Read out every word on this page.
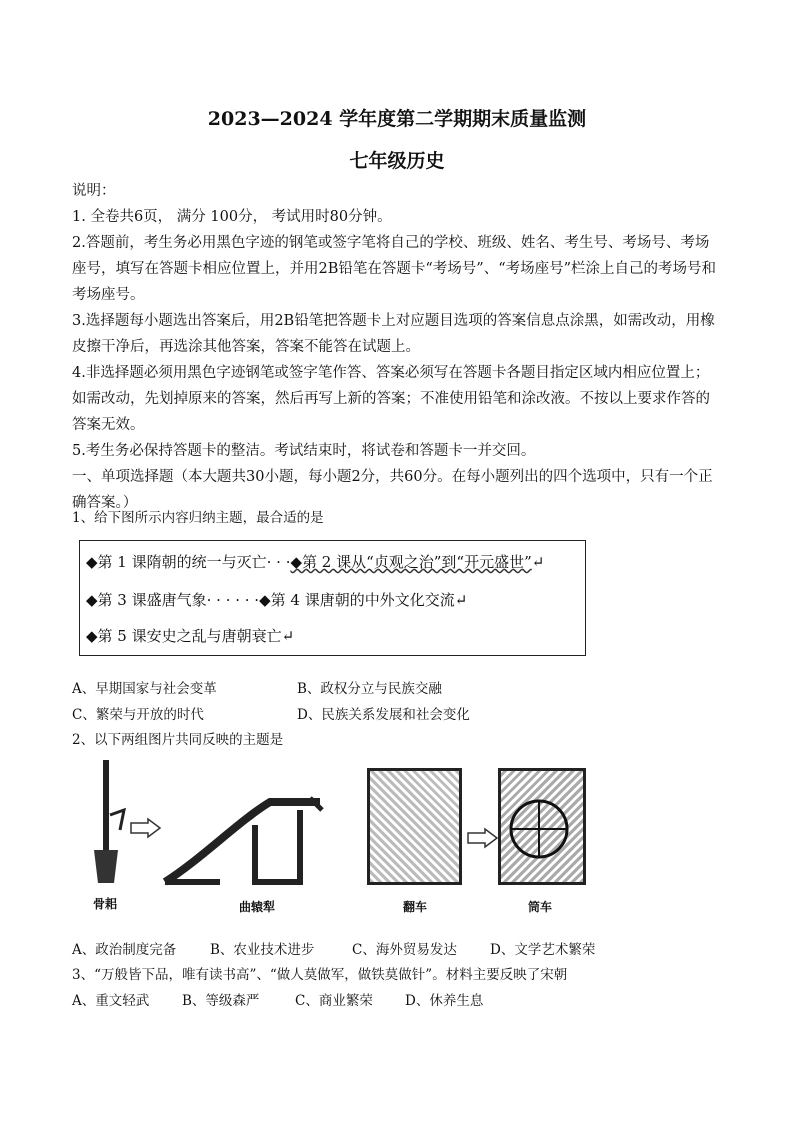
2023—2024 学年度第二学期期末质量监测
七年级历史
说明：
1. 全卷共6页， 满分 100分， 考试用时80分钟。
2.答题前，考生务必用黑色字迹的钢笔或签字笔将自己的学校、班级、姓名、考生号、考场号、考场座号，填写在答题卡相应位置上，并用2B铅笔在答题卡“考场号”、“考场座号”栏涂上自己的考场号和考场座号。
3.选择题每小题选出答案后，用2B铅笔把答题卡上对应题目选项的答案信息点涂黑，如需改动，用橡皮擦干净后，再选涂其他答案，答案不能答在试题上。
4.非选择题必须用黑色字迹钢笔或签字笔作答、答案必须写在答题卡各题目指定区域内相应位置上；如需改动，先划掉原来的答案，然后再写上新的答案；不准使用铅笔和涂改液。不按以上要求作答的答案无效。
5.考生务必保持答题卡的整洁。考试结束时，将试卷和答题卡一并交回。
一、单项选择题（本大题共30小题，每小题2分，共60分。在每小题列出的四个选项中，只有一个正确答案。）
1、给下图所示内容归纳主题，最合适的是
◆第 1 课隋朝的统一与灭亡· · ·◆第 2 课从“贞观之治”到“开元盛世”↵
◆第 3 课盛唐气象· · · · · ·◆第 4 课唐朝的中外文化交流↵
◆第 5 课安史之乱与唐朝衰亡↵
A、早期国家与社会变革	B、政权分立与民族交融
C、繁荣与开放的时代	D、民族关系发展和社会变化
2、以下两组图片共同反映的主题是
骨耜	曲辕犁	翻车	筒车
A、政治制度完备	B、农业技术进步	C、海外贸易发达 D、文学艺术繁荣
3、“万般皆下品，唯有读书高”、“做人莫做军，做铁莫做针”。材料主要反映了宋朝
A、重文轻武 B、等级森严	C、商业繁荣 D、休养生息
